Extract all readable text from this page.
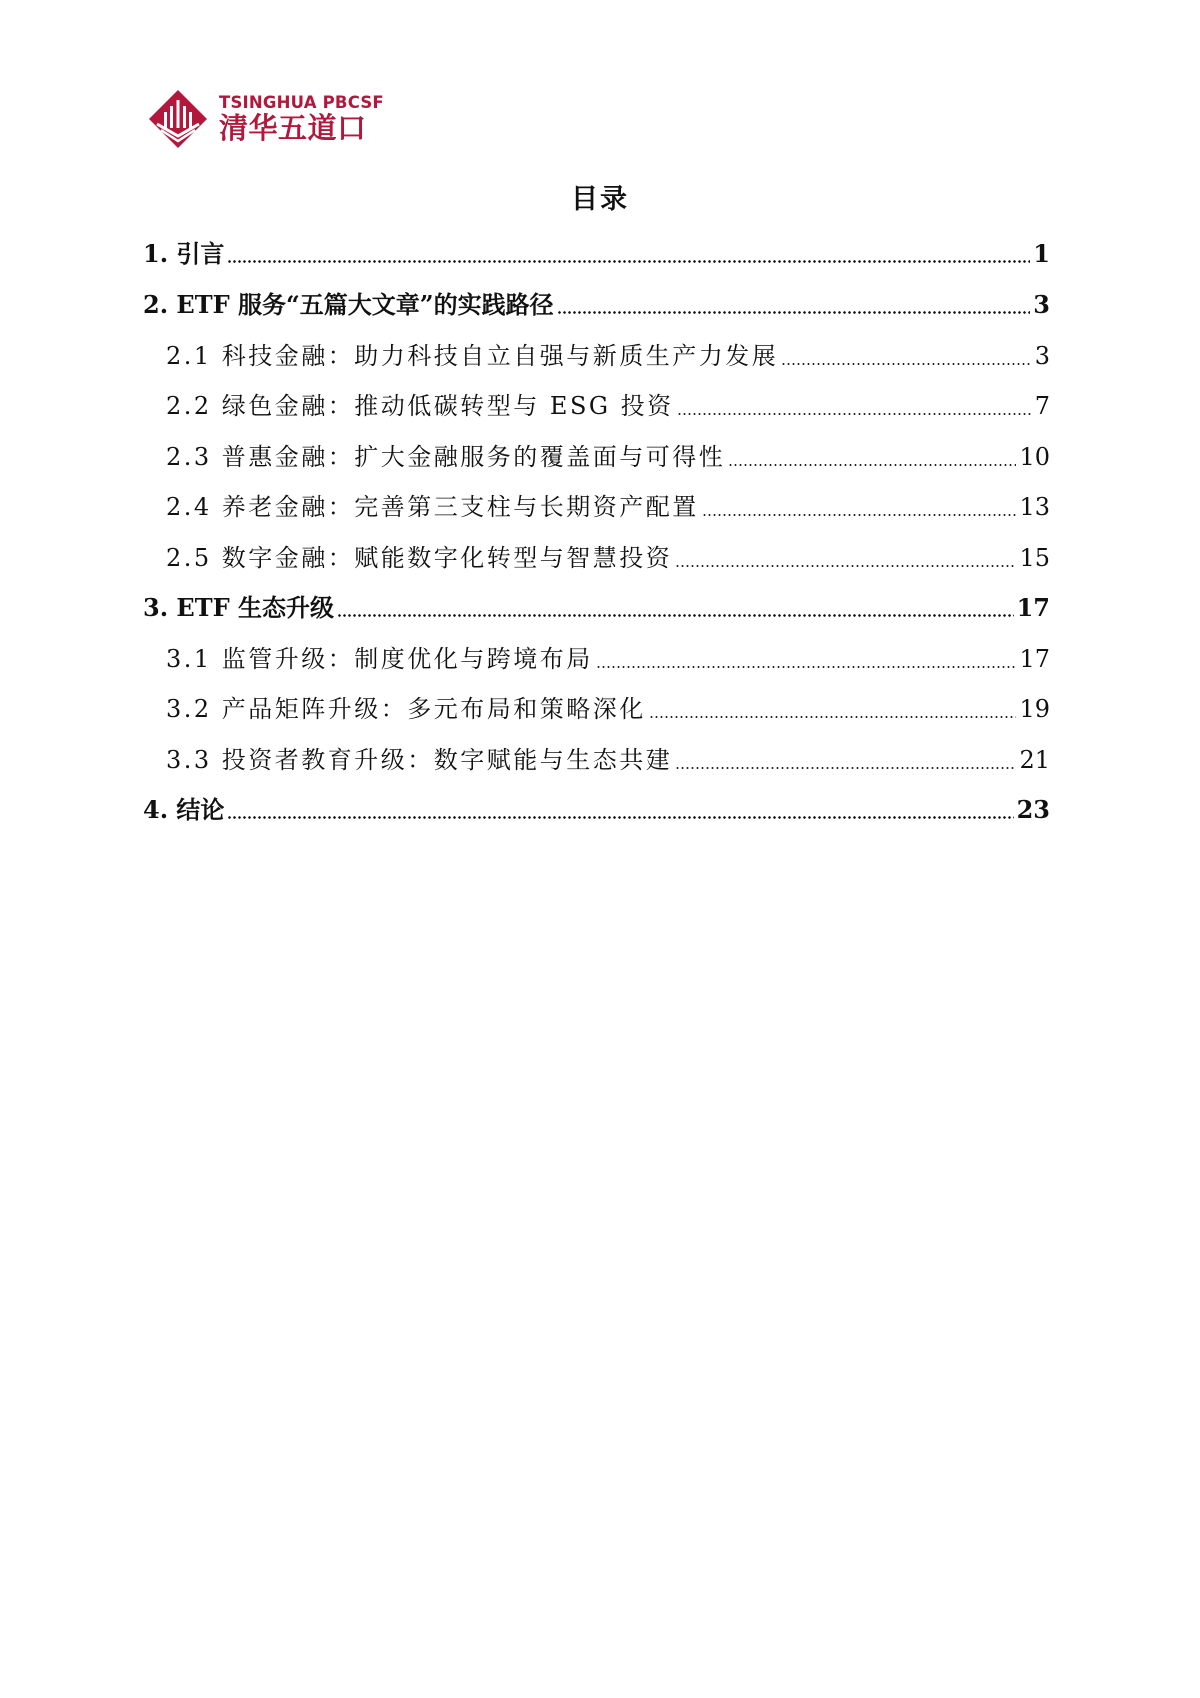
TSINGHUA PBCSF
清华五道口
目录
1. 引言	1
2. ETF 服务“五篇大文章”的实践路径	3
2.1 科技金融：助力科技自立自强与新质生产力发展	3
2.2 绿色金融：推动低碳转型与 ESG 投资	7
2.3 普惠金融：扩大金融服务的覆盖面与可得性	10
2.4 养老金融：完善第三支柱与长期资产配置	13
2.5 数字金融：赋能数字化转型与智慧投资	15
3. ETF 生态升级	17
3.1 监管升级：制度优化与跨境布局	17
3.2 产品矩阵升级：多元布局和策略深化	19
3.3 投资者教育升级：数字赋能与生态共建	21
4. 结论	23
